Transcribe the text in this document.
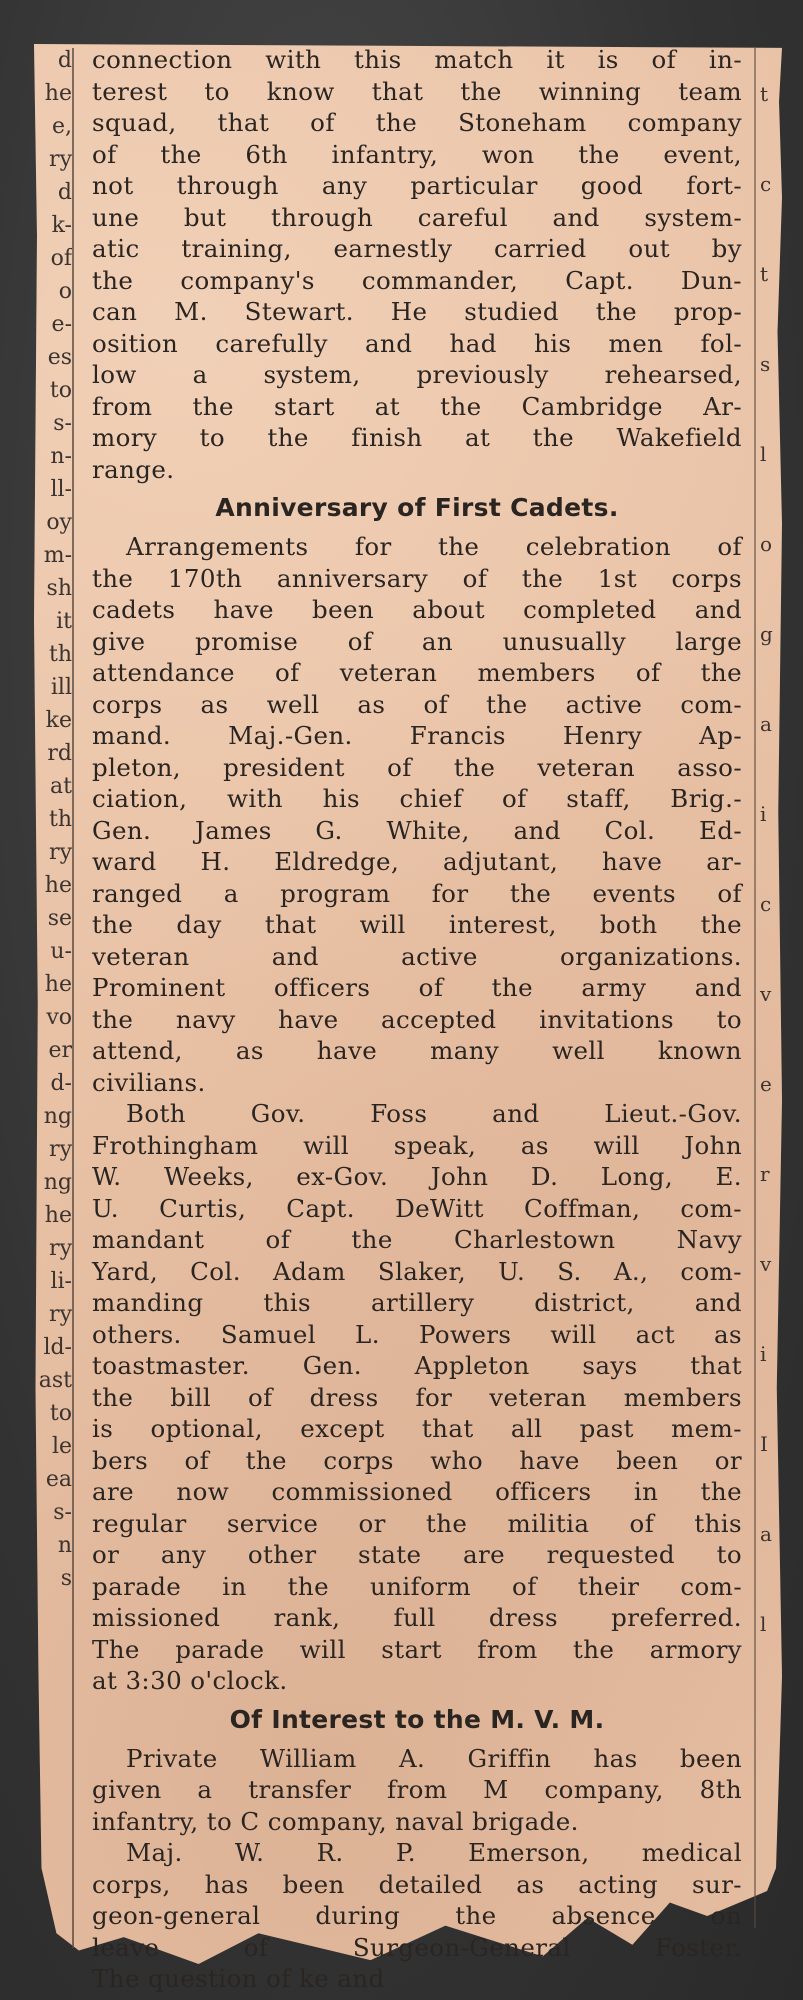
d
he
e,
ry
d
k-
of
o
e-
es
to
s-
n-
ll-
oy
m-
sh
it
th
ill
ke
rd
at
th
ry
he
se
u-
he
vo
er
d-
ng
ry
ng
he
ry
li-
ry
ld-
ast
to
le
ea
s-
n
s
t
c
t
s
l
o
g
a
i
c
v
e
r
v
i
I
a
l
connection with this match it is of in-
terest to know that the winning team
squad, that of the Stoneham company
of the 6th infantry, won the event,
not through any particular good fort-
une but through careful and system-
atic training, earnestly carried out by
the company's commander, Capt. Dun-
can M. Stewart. He studied the prop-
osition carefully and had his men fol-
low a system, previously rehearsed,
from the start at the Cambridge Ar-
mory to the finish at the Wakefield
range.
Anniversary of First Cadets.
Arrangements for the celebration of
the 170th anniversary of the 1st corps
cadets have been about completed and
give promise of an unusually large
attendance of veteran members of the
corps as well as of the active com-
mand. Maj.-Gen. Francis Henry Ap-
pleton, president of the veteran asso-
ciation, with his chief of staff, Brig.-
Gen. James G. White, and Col. Ed-
ward H. Eldredge, adjutant, have ar-
ranged a program for the events of
the day that will interest, both the
veteran and active organizations.
Prominent officers of the army and
the navy have accepted invitations to
attend, as have many well known
civilians.
Both Gov. Foss and Lieut.-Gov.
Frothingham will speak, as will John
W. Weeks, ex-Gov. John D. Long, E.
U. Curtis, Capt. DeWitt Coffman, com-
mandant of the Charlestown Navy
Yard, Col. Adam Slaker, U. S. A., com-
manding this artillery district, and
others. Samuel L. Powers will act as
toastmaster. Gen. Appleton says that
the bill of dress for veteran members
is optional, except that all past mem-
bers of the corps who have been or
are now commissioned officers in the
regular service or the militia of this
or any other state are requested to
parade in the uniform of their com-
missioned rank, full dress preferred.
The parade will start from the armory
at 3:30 o'clock.
Of Interest to the M. V. M.
Private William A. Griffin has been
given a transfer from M company, 8th
infantry, to C company, naval brigade.
Maj. W. R. P. Emerson, medical
corps, has been detailed as acting sur-
geon-general during the absence on
leave of Surgeon-General Foster.
The question of ke and
